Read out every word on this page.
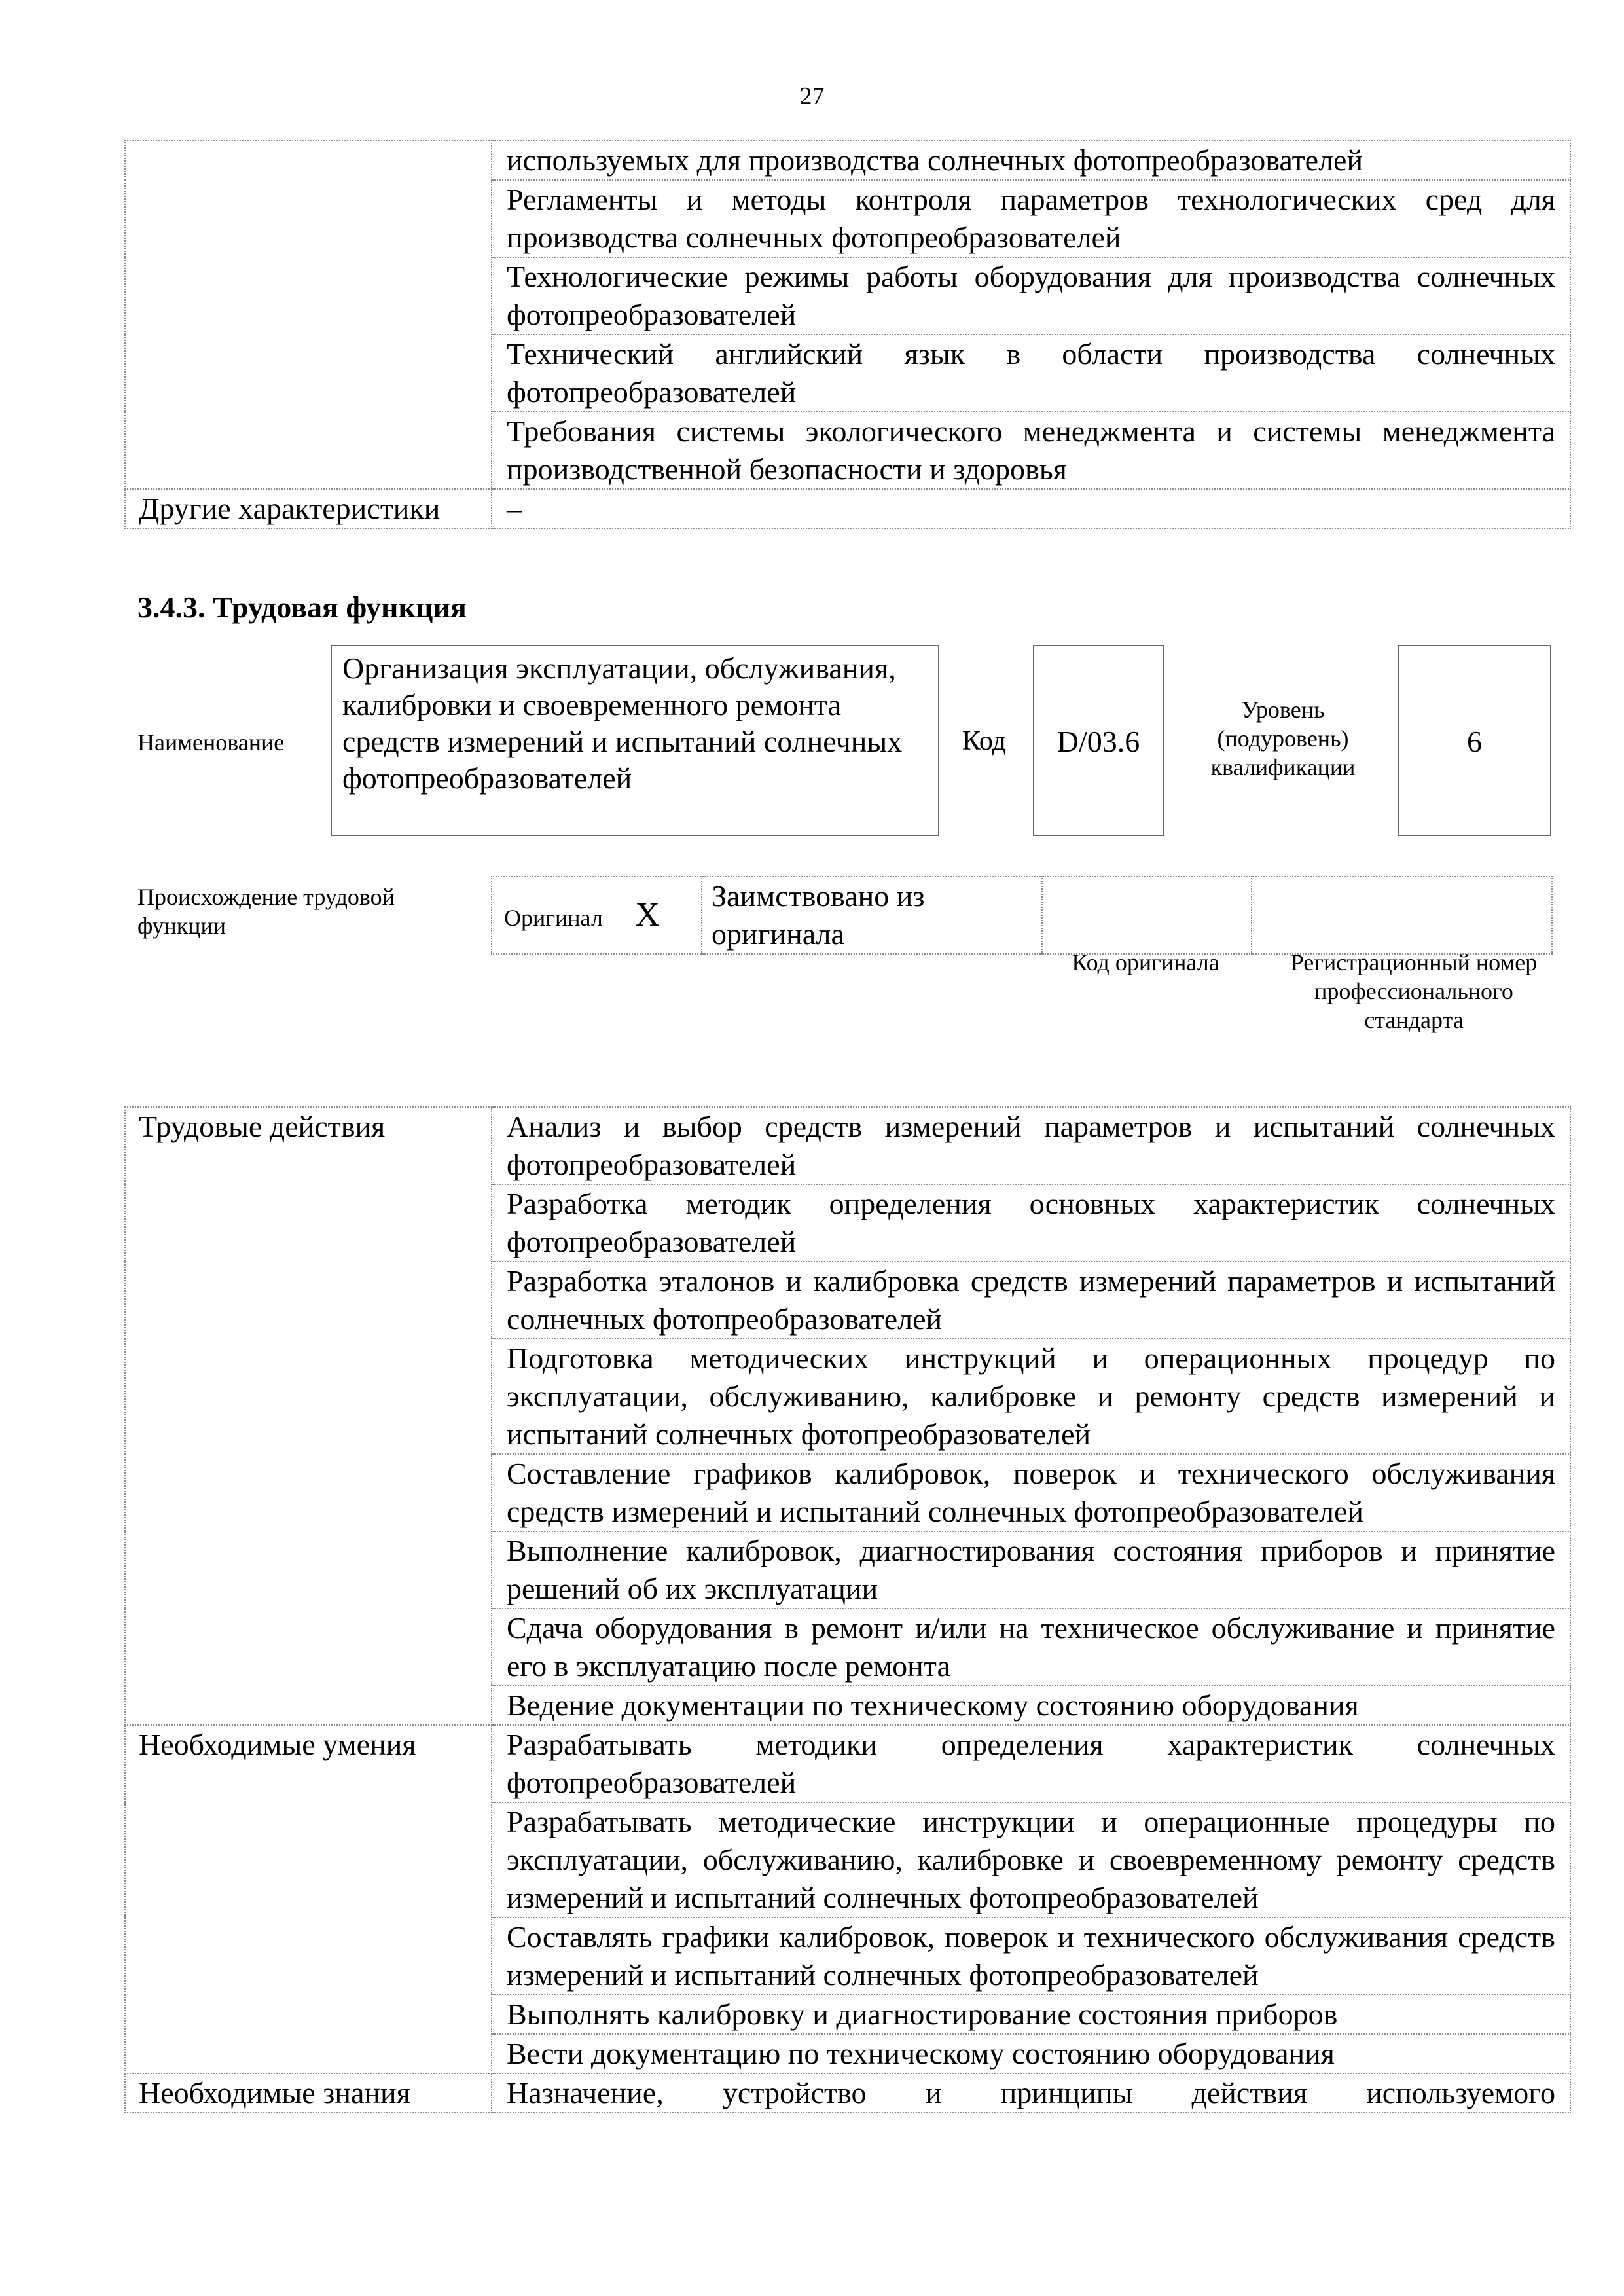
27
	используемых для производства солнечных фотопреобразователей
	Регламенты и методы контроля параметров технологических сред для производства солнечных фотопреобразователей
	Технологические режимы работы оборудования для производства солнечных фотопреобразователей
	Технический английский язык в области производства солнечных фотопреобразователей
	Требования системы экологического менеджмента и системы менеджмента производственной безопасности и здоровья
Другие характеристики	–
3.4.3. Трудовая функция
Наименование
Организация эксплуатации, обслуживания, калибровки и своевременного ремонта средств измерений и испытаний солнечных фотопреобразователей
Код	D/03.6
Уровень (подуровень) квалификации
6
Происхождение трудовой функции	Оригинал X		Заимствовано из оригинала		
Код оригинала	Регистрационный номер профессионального стандарта
Трудовые действия	Анализ и выбор средств измерений параметров и испытаний солнечных фотопреобразователей
	Разработка методик определения основных характеристик солнечных фотопреобразователей
	Разработка эталонов и калибровка средств измерений параметров и испытаний солнечных фотопреобразователей
	Подготовка методических инструкций и операционных процедур по эксплуатации, обслуживанию, калибровке и ремонту средств измерений и испытаний солнечных фотопреобразователей
	Составление графиков калибровок, поверок и технического обслуживания средств измерений и испытаний солнечных фотопреобразователей
	Выполнение калибровок, диагностирования состояния приборов и принятие решений об их эксплуатации
	Сдача оборудования в ремонт и/или на техническое обслуживание и принятие его в эксплуатацию после ремонта
	Ведение документации по техническому состоянию оборудования
Необходимые умения	Разрабатывать методики определения характеристик солнечных фотопреобразователей
	Разрабатывать методические инструкции и операционные процедуры по эксплуатации, обслуживанию, калибровке и своевременному ремонту средств измерений и испытаний солнечных фотопреобразователей
	Составлять графики калибровок, поверок и технического обслуживания средств измерений и испытаний солнечных фотопреобразователей
	Выполнять калибровку и диагностирование состояния приборов
	Вести документацию по техническому состоянию оборудования
Необходимые знания	Назначение, устройство и принципы действия используемого
